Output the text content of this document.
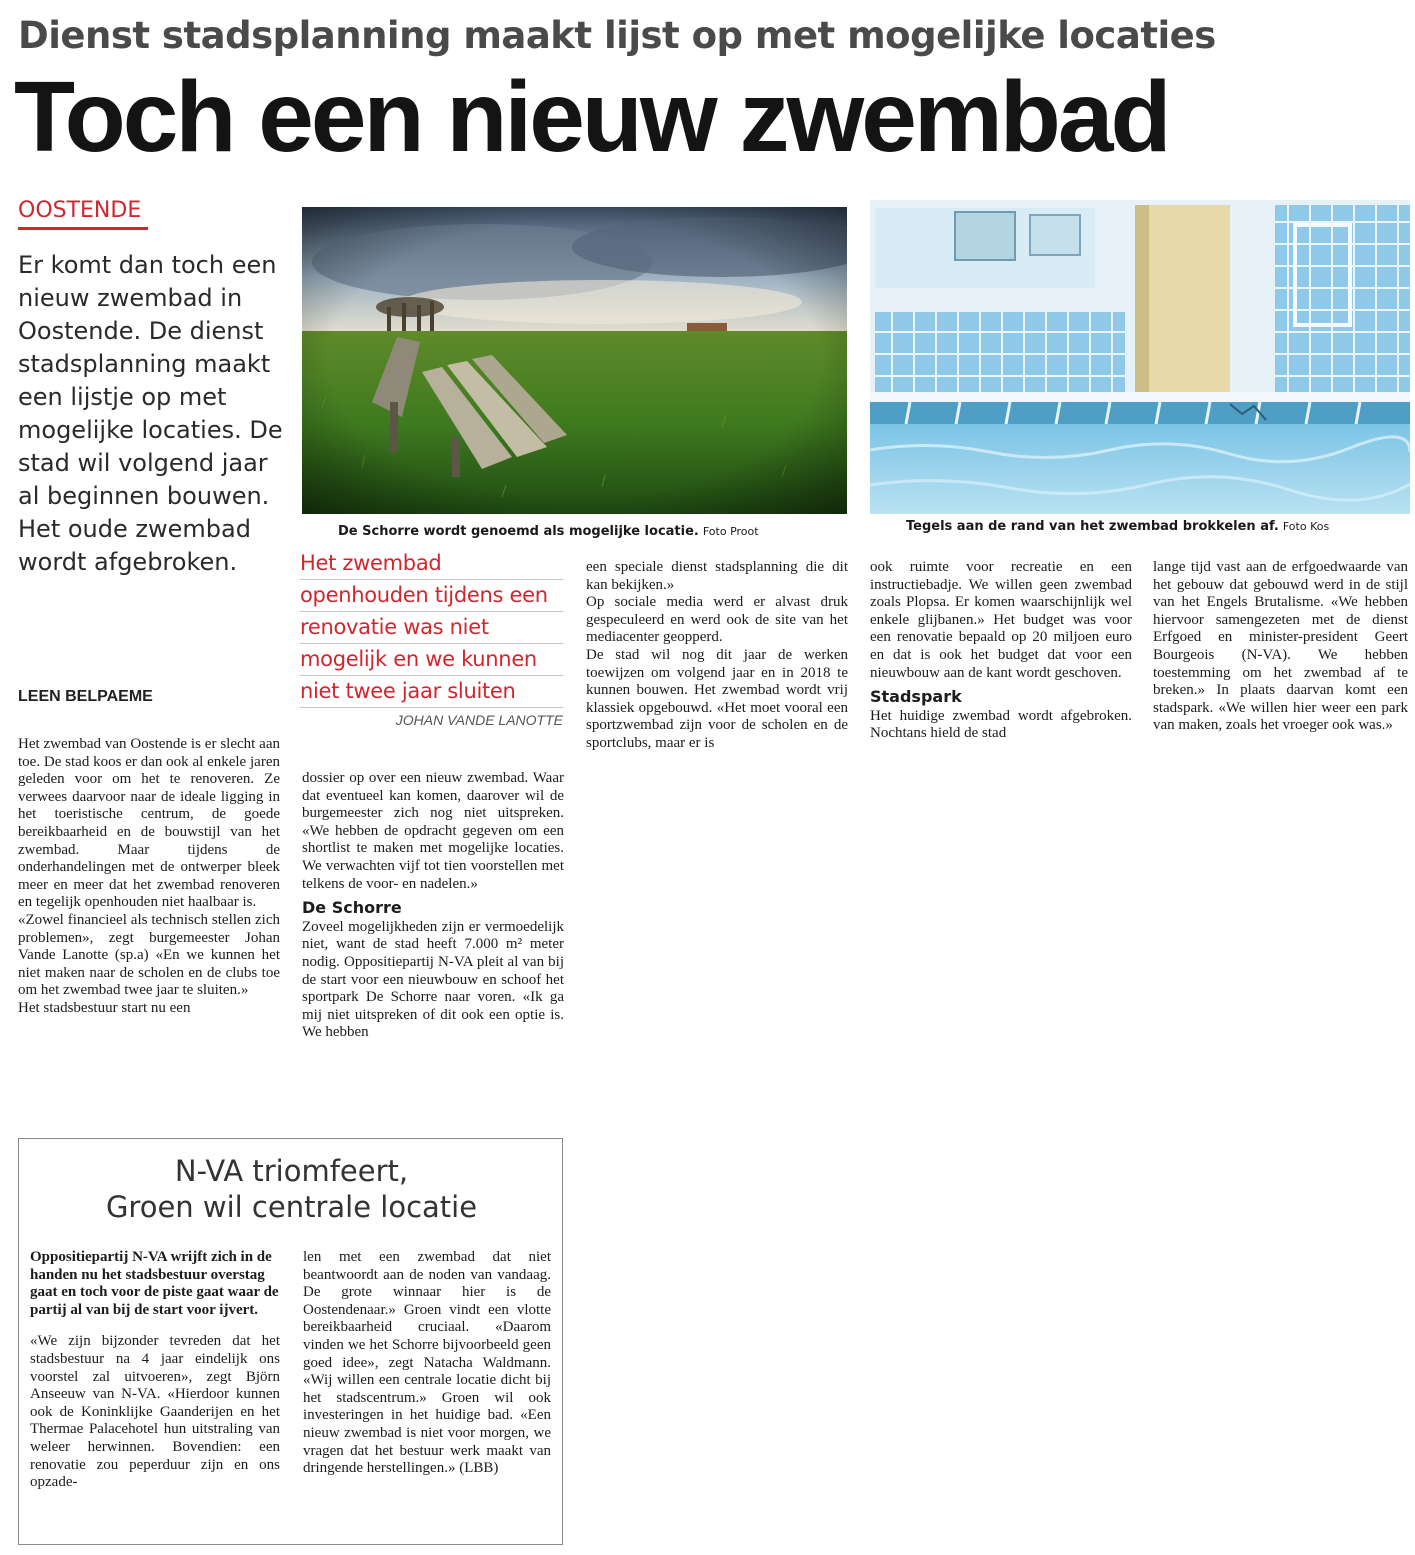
Dienst stadsplanning maakt lijst op met mogelijke locaties
Toch een nieuw zwembad
OOSTENDE
Er komt dan toch een nieuw zwembad in Oostende. De dienst stadsplanning maakt een lijstje op met mogelijke locaties. De stad wil volgend jaar al beginnen bouwen. Het oude zwembad wordt afgebroken.
LEEN BELPAEME
De Schorre wordt genoemd als mogelijke locatie. Foto Proot	Tegels aan de rand van het zwembad brokkelen af. Foto Kos
Het zwembad
openhouden tijdens een
renovatie was niet
mogelijk en we kunnen
niet twee jaar sluiten
JOHAN VANDE LANOTTE

Het zwembad van Oostende is er slecht aan toe. De stad koos er dan ook al enkele jaren geleden voor om het te renoveren. Ze verwees daarvoor naar de ideale ligging in het toeristische centrum, de goede bereikbaarheid en de bouwstijl van het zwembad. Maar tijdens de onderhandelingen met de ontwerper bleek meer en meer dat het zwembad renoveren en tegelijk openhouden niet haalbaar is.

«Zowel financieel als technisch stellen zich problemen», zegt burgemeester Johan Vande Lanotte (sp.a) «En we kunnen het niet maken naar de scholen en de clubs toe om het zwembad twee jaar te sluiten.»

Het stadsbestuur start nu een

dossier op over een nieuw zwembad. Waar dat eventueel kan komen, daarover wil de burgemeester zich nog niet uitspreken. «We hebben de opdracht gegeven om een shortlist te maken met mogelijke locaties. We verwachten vijf tot tien voorstellen met telkens de voor- en nadelen.»

De Schorre

Zoveel mogelijkheden zijn er vermoedelijk niet, want de stad heeft 7.000 m² meter nodig. Oppositiepartij N-VA pleit al van bij de start voor een nieuwbouw en schoof het sportpark De Schorre naar voren. «Ik ga mij niet uitspreken of dit ook een optie is. We hebben

een speciale dienst stadsplanning die dit kan bekijken.»

Op sociale media werd er alvast druk gespeculeerd en werd ook de site van het mediacenter geopperd.

De stad wil nog dit jaar de werken toewijzen om volgend jaar en in 2018 te kunnen bouwen. Het zwembad wordt vrij klassiek opgebouwd. «Het moet vooral een sportzwembad zijn voor de scholen en de sportclubs, maar er is

ook ruimte voor recreatie en een instructiebadje. We willen geen zwembad zoals Plopsa. Er komen waarschijnlijk wel enkele glijbanen.» Het budget was voor een renovatie bepaald op 20 miljoen euro en dat is ook het budget dat voor een nieuwbouw aan de kant wordt geschoven.

Stadspark

Het huidige zwembad wordt afgebroken. Nochtans hield de stad

lange tijd vast aan de erfgoedwaarde van het gebouw dat gebouwd werd in de stijl van het Engels Brutalisme. «We hebben hiervoor samengezeten met de dienst Erfgoed en minister-president Geert Bourgeois (N-VA). We hebben toestemming om het zwembad af te breken.» In plaats daarvan komt een stadspark. «We willen hier weer een park van maken, zoals het vroeger ook was.»

N-VA triomfeert,
Groen wil centrale locatie

Oppositiepartij N-VA wrijft zich in de handen nu het stadsbestuur overstag gaat en toch voor de piste gaat waar de partij al van bij de start voor ijvert.

«We zijn bijzonder tevreden dat het stadsbestuur na 4 jaar eindelijk ons voorstel zal uitvoeren», zegt Björn Anseeuw van N-VA. «Hierdoor kunnen ook de Koninklijke Gaanderijen en het Thermae Palacehotel hun uitstraling van weleer herwinnen. Bovendien: een renovatie zou peperduur zijn en ons opzade-

len met een zwembad dat niet beantwoordt aan de noden van vandaag. De grote winnaar hier is de Oostendenaar.» Groen vindt een vlotte bereikbaarheid cruciaal. «Daarom vinden we het Schorre bijvoorbeeld geen goed idee», zegt Natacha Waldmann. «Wij willen een centrale locatie dicht bij het stadscentrum.» Groen wil ook investeringen in het huidige bad. «Een nieuw zwembad is niet voor morgen, we vragen dat het bestuur werk maakt van dringende herstellingen.» (LBB)
